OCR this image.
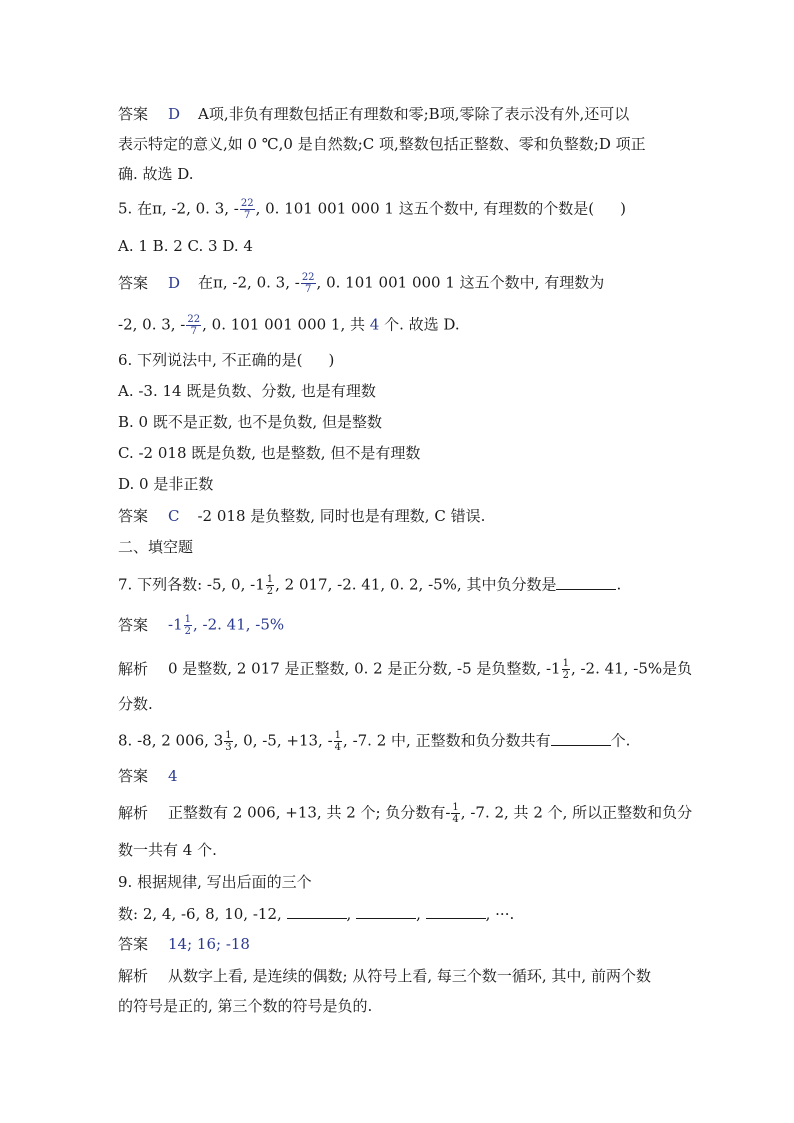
答案 D A项,非负有理数包括正有理数和零;B项,零除了表示没有外,还可以
表示特定的意义,如 0 ℃,0 是自然数;C 项,整数包括正整数、零和负整数;D 项正
确. 故选 D.
5. 在π, -2, 0. 3, - $\frac{22}{7}$ , 0. 101 001 000 1 这五个数中, 有理数的个数是( )
A. 1 B. 2 C. 3 D. 4
答案 D 在π, -2, 0. 3, - $\frac{22}{7}$ , 0. 101 001 000 1 这五个数中, 有理数为
-2, 0. 3, - $\frac{22}{7}$ , 0. 101 001 000 1, 共 4 个. 故选 D.
6. 下列说法中, 不正确的是( )
A. -3. 14 既是负数、分数, 也是有理数
B. 0 既不是正数, 也不是负数, 但是整数
C. -2 018 既是负数, 也是整数, 但不是有理数
D. 0 是非正数
答案 C -2 018 是负整数, 同时也是有理数, C 错误.
二、填空题
7. 下列各数: -5, 0, $-1 \frac{1}{2}$ , 2 017, -2. 41, 0. 2, -5%, 其中负分数是	.
答案 $-1 \frac{1}{2}$ , -2. 41, -5%
解析 0 是整数, 2 017 是正整数, 0. 2 是正分数, -5 是负整数, $-1 \frac{1}{2}$ , -2. 41, -5%是负
分数.
8. -8, 2 006, $3 \frac{1}{3}$ , 0, -5, +13, - $\frac{1}{4}$ , -7. 2 中, 正整数和负分数共有	个.
答案 4
解析 正整数有 2 006, +13, 共 2 个; 负分数有- $\frac{1}{4}$ , -7. 2, 共 2 个, 所以正整数和负分
数一共有 4 个.
9. 根据规律, 写出后面的三个
数: 2, 4, -6, 8, 10, -12,	,	,	, ···.
答案 14; 16; -18
解析 从数字上看, 是连续的偶数; 从符号上看, 每三个数一循环, 其中, 前两个数
的符号是正的, 第三个数的符号是负的.
